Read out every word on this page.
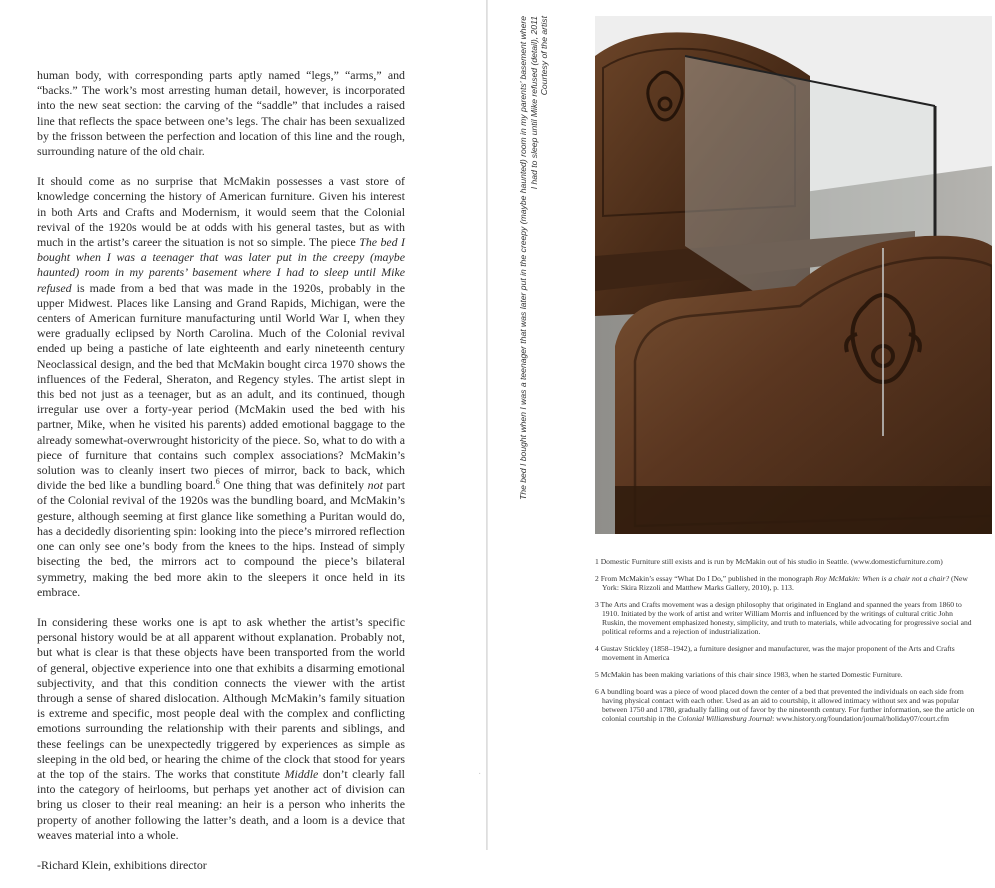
human body, with corresponding parts aptly named “legs,” “arms,” and “backs.” The work’s most arresting human detail, however, is incorporated into the new seat section: the carving of the “saddle” that includes a raised line that reflects the space between one’s legs. The chair has been sexualized by the frisson between the perfection and location of this line and the rough, surrounding nature of the old chair.

It should come as no surprise that McMakin possesses a vast store of knowledge concerning the history of American furniture. Given his interest in both Arts and Crafts and Modernism, it would seem that the Colonial revival of the 1920s would be at odds with his general tastes, but as with much in the artist’s career the situation is not so simple. The piece The bed I bought when I was a teenager that was later put in the creepy (maybe haunted) room in my parents’ basement where I had to sleep until Mike refused is made from a bed that was made in the 1920s, probably in the upper Midwest. Places like Lansing and Grand Rapids, Michigan, were the centers of American furniture manufacturing until World War I, when they were gradually eclipsed by North Carolina. Much of the Colonial revival ended up being a pastiche of late eighteenth and early nineteenth century Neoclassical design, and the bed that McMakin bought circa 1970 shows the influences of the Federal, Sheraton, and Regency styles. The artist slept in this bed not just as a teenager, but as an adult, and its continued, though irregular use over a forty-year period (McMakin used the bed with his partner, Mike, when he visited his parents) added emotional baggage to the already somewhat-overwrought historicity of the piece. So, what to do with a piece of furniture that contains such complex associations? McMakin’s solution was to cleanly insert two pieces of mirror, back to back, which divide the bed like a bundling board.$^6$ One thing that was definitely not part of the Colonial revival of the 1920s was the bundling board, and McMakin’s gesture, although seeming at first glance like something a Puritan would do, has a decidedly disorienting spin: looking into the piece’s mirrored reflection one can only see one’s body from the knees to the hips. Instead of simply bisecting the bed, the mirrors act to compound the piece’s bilateral symmetry, making the bed more akin to the sleepers it once held in its embrace.

In considering these works one is apt to ask whether the artist’s specific personal history would be at all apparent without explanation. Probably not, but what is clear is that these objects have been transported from the world of general, objective experience into one that exhibits a disarming emotional subjectivity, and that this condition connects the viewer with the artist through a sense of shared dislocation. Although McMakin’s family situation is extreme and specific, most people deal with the complex and conflicting emotions surrounding the relationship with their parents and siblings, and these feelings can be unexpectedly triggered by experiences as simple as sleeping in the old bed, or hearing the chime of the clock that stood for years at the top of the stairs. The works that constitute Middle don’t clearly fall into the category of heirlooms, but perhaps yet another act of division can bring us closer to their real meaning: an heir is a person who inherits the property of another following the latter’s death, and a loom is a device that weaves material into a whole.

-Richard Klein, exhibitions director

The bed I bought when I was a teenager that was later put in the creepy (maybe haunted) room in my parents’ basement where I had to sleep until Mike refused (detail), 2011 Courtesy of the artist

1 Domestic Furniture still exists and is run by McMakin out of his studio in Seattle. (www.domesticfurniture.com)

2 From McMakin’s essay “What Do I Do,” published in the monograph Roy McMakin: When is a chair not a chair? (New York: Skira Rizzoli and Matthew Marks Gallery, 2010), p. 113.

3 The Arts and Crafts movement was a design philosophy that originated in England and spanned the years from 1860 to 1910. Initiated by the work of artist and writer William Morris and influenced by the writings of cultural critic John Ruskin, the movement emphasized honesty, simplicity, and truth to materials, while advocating for progressive social and political reforms and a rejection of industrialization.

4 Gustav Stickley (1858–1942), a furniture designer and manufacturer, was the major proponent of the Arts and Crafts movement in America

5 McMakin has been making variations of this chair since 1983, when he started Domestic Furniture.

6 A bundling board was a piece of wood placed down the center of a bed that prevented the individuals on each side from having physical contact with each other. Used as an aid to courtship, it allowed intimacy without sex and was popular between 1750 and 1780, gradually falling out of favor by the nineteenth century. For further information, see the article on colonial courtship in the Colonial Williamsburg Journal: www.history.org/foundation/journal/holiday07/court.cfm

·
